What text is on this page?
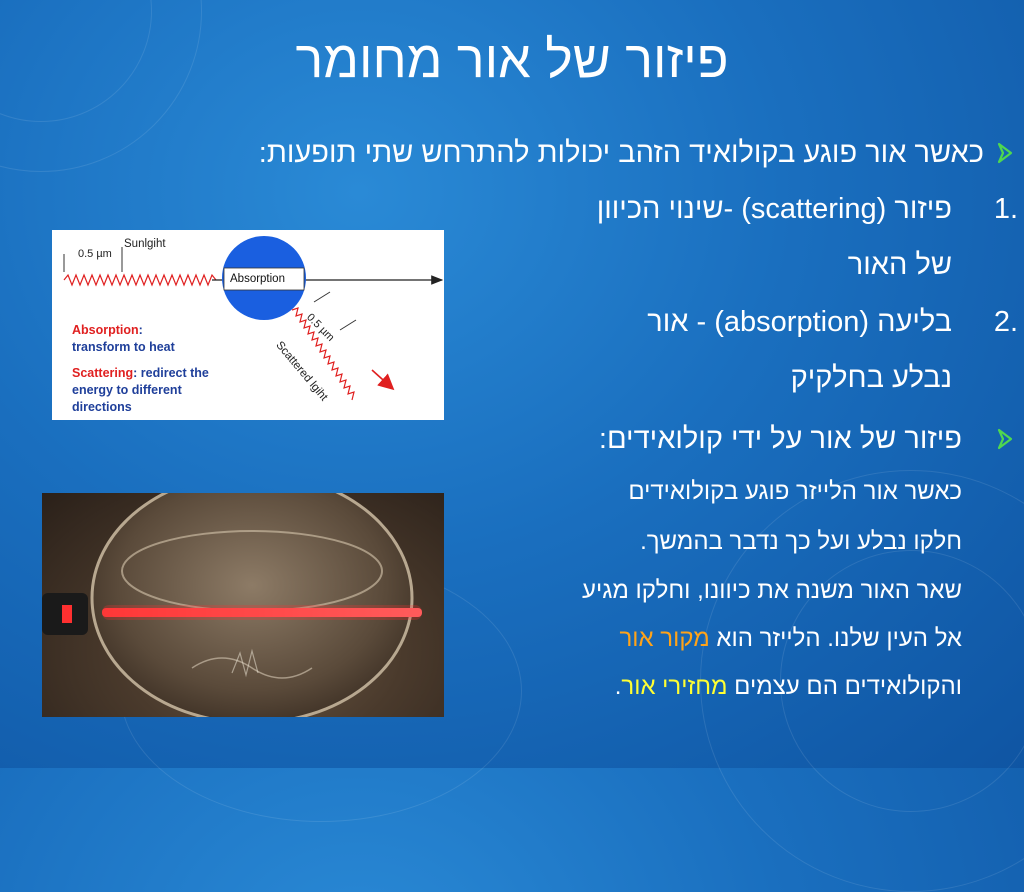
פיזור של אור מחומר
כאשר אור פוגע בקולואיד הזהב יכולות להתרחש שתי תופעות:
1.
פיזור (scattering) -שינוי הכיוון
של האור
2.
בליעה (absorption) - אור
נבלע בחלקיק
פיזור של אור על ידי קולואידים:
כאשר אור הלייזר פוגע בקולואידים
חלקו נבלע ועל כך נדבר בהמשך.
שאר האור משנה את כיוונו, וחלקו מגיע
אל העין שלנו. הלייזר הוא מקור אור
והקולואידים הם עצמים מחזירי אור.
0.5 µm
Sunlgiht
Absorption
0.5 µm
Scattered lgiht
Absorption:
transform to heat
Scattering: redirect the
energy to different
directions
